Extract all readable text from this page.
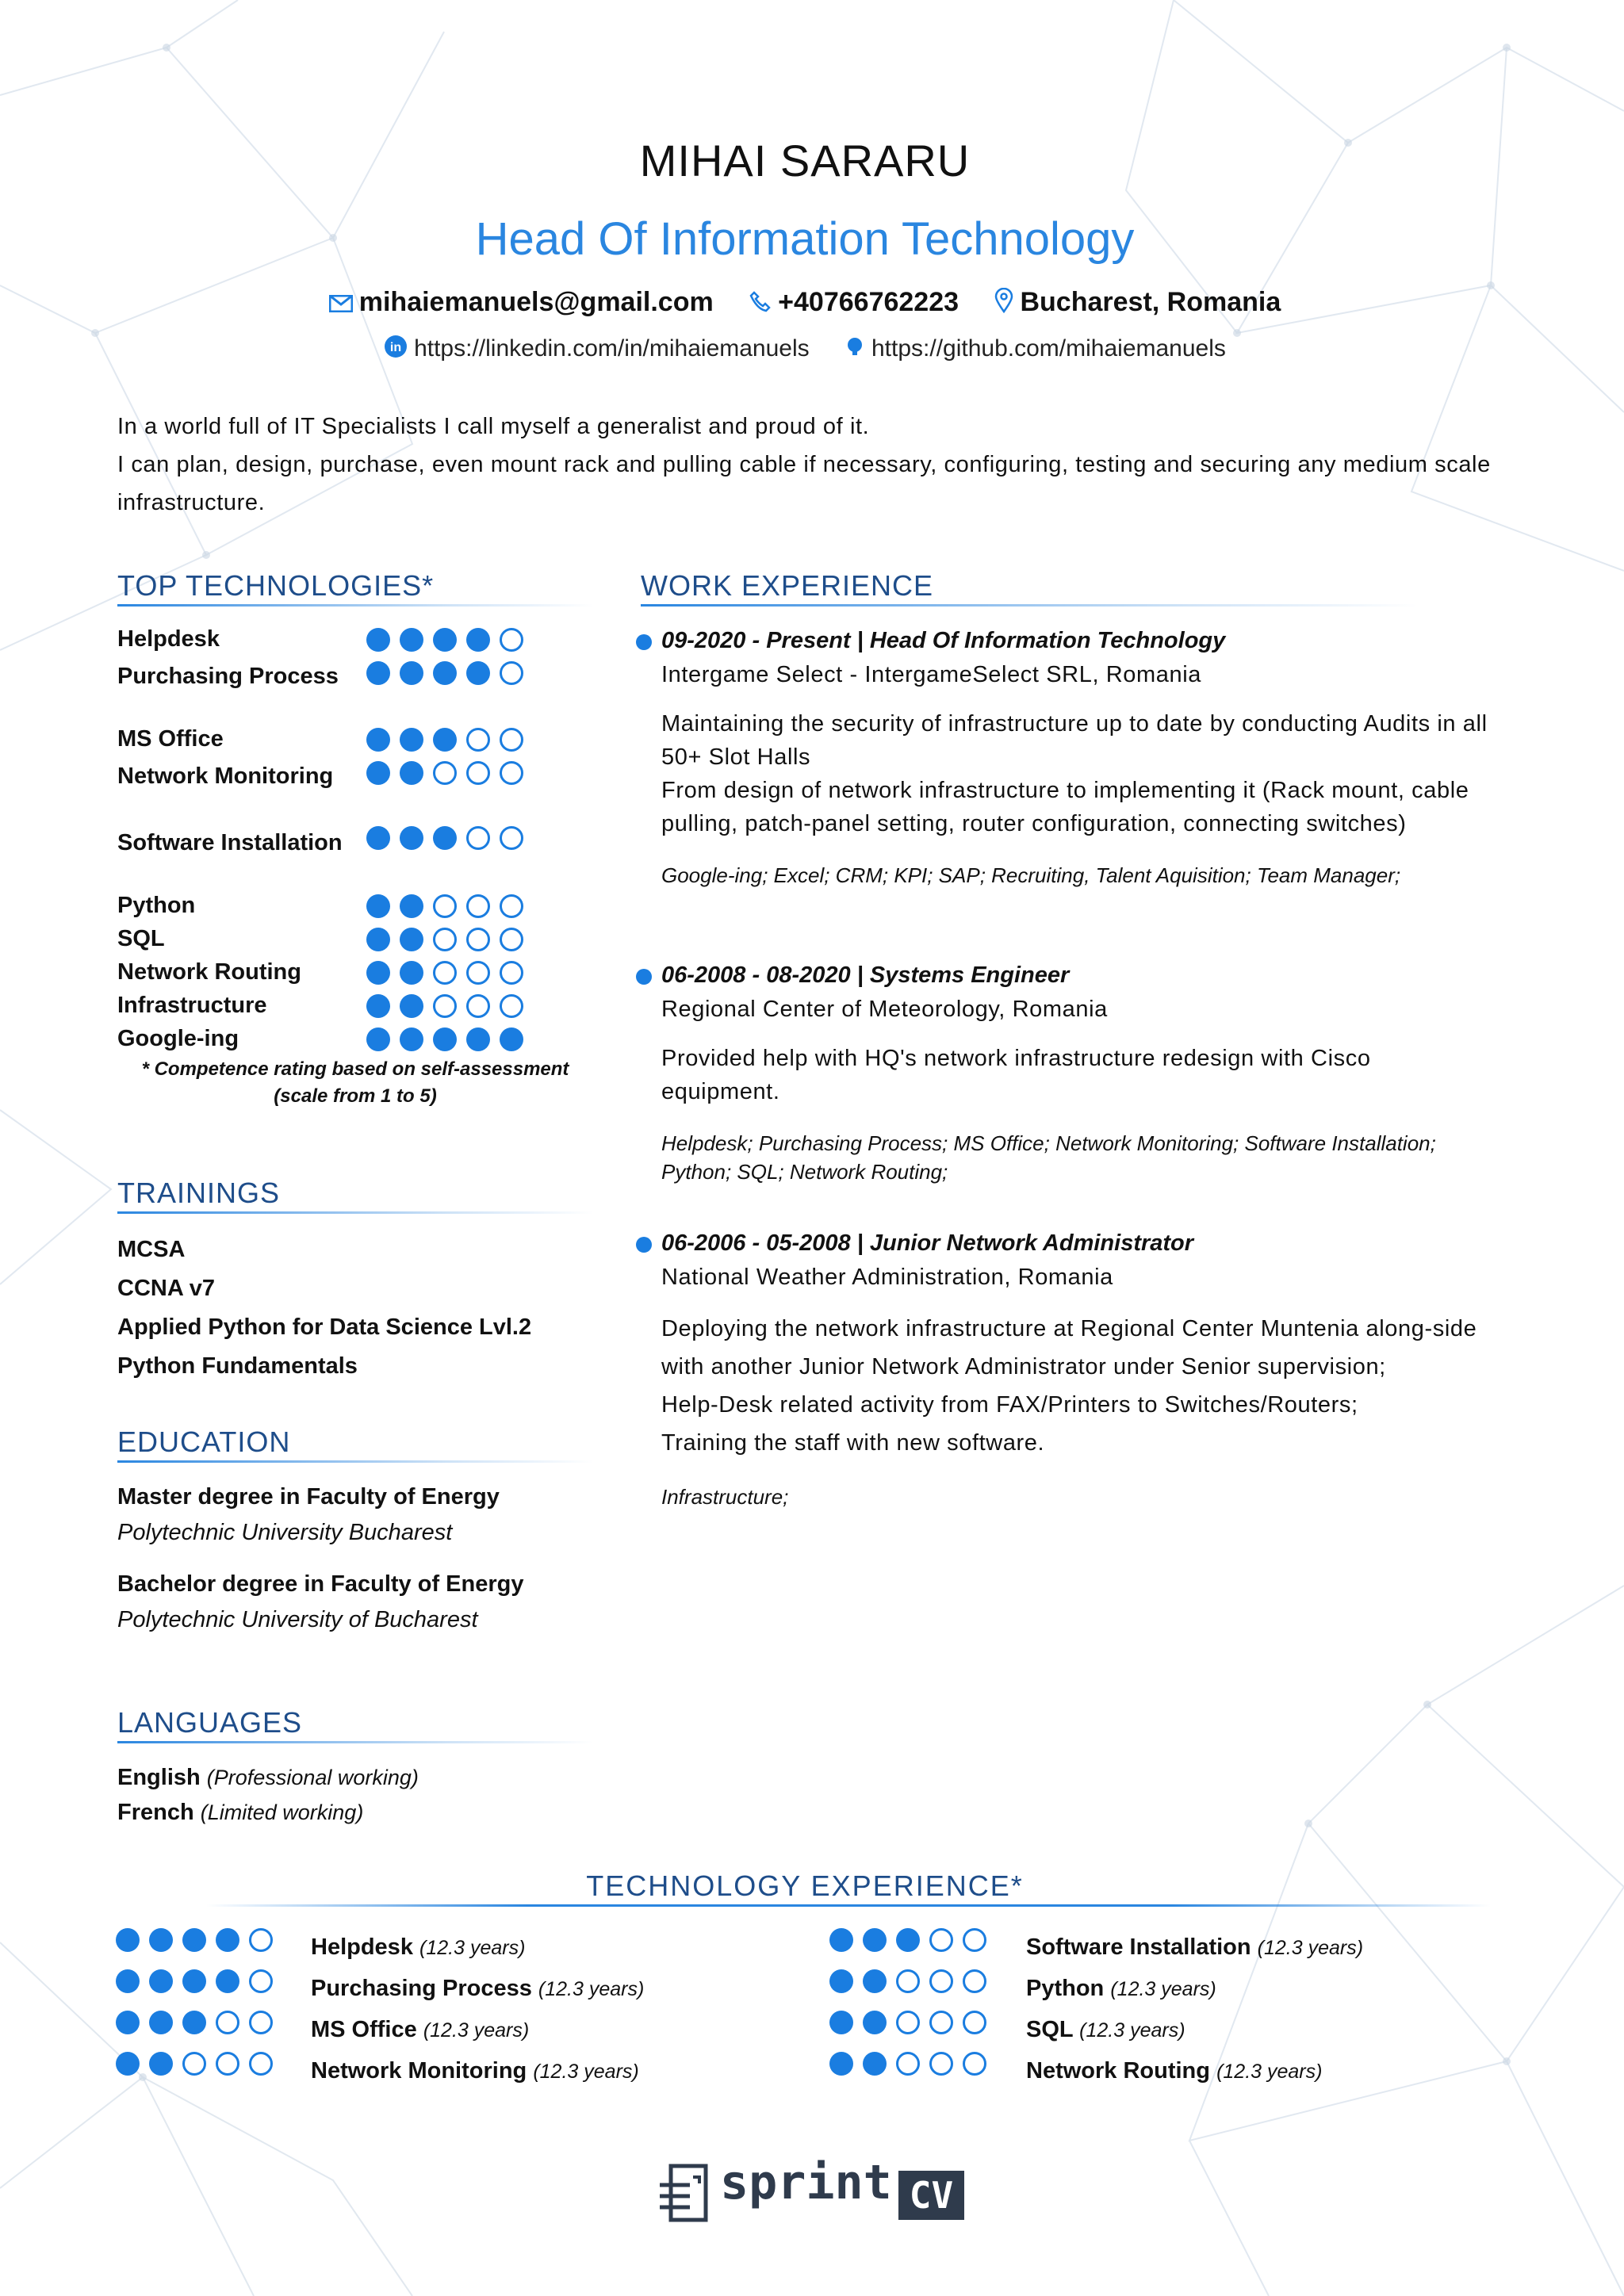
MIHAI SARARU
Head Of Information Technology
mihaiemanuels@gmail.com +40766762223 Bucharest, Romania
in https://linkedin.com/in/mihaiemanuels	https://github.com/mihaiemanuels

In a world full of IT Specialists I call myself a generalist and proud of it.

I can plan, design, purchase, even mount rack and pulling cable if necessary, configuring, testing and securing any medium scale infrastructure.

TOP TECHNOLOGIES*
Helpdesk
Purchasing Process
MS Office
Network Monitoring
Software Installation
Python
SQL
Network Routing
Infrastructure
Google-ing
* Competence rating based on self-assessment
(scale from 1 to 5)
TRAININGS
MCSA
CCNA v7
Applied Python for Data Science Lvl.2
Python Fundamentals
EDUCATION
Master degree in Faculty of Energy
Polytechnic University Bucharest
Bachelor degree in Faculty of Energy
Polytechnic University of Bucharest
LANGUAGES
English (Professional working)
French (Limited working)
WORK EXPERIENCE
09-2020 - Present | Head Of Information Technology
Intergame Select - IntergameSelect SRL, Romania

Maintaining the security of infrastructure up to date by conducting Audits in all 50+ Slot Halls

From design of network infrastructure to implementing it (Rack mount, cable pulling, patch-panel setting, router configuration, connecting switches)

Google-ing; Excel; CRM; KPI; SAP; Recruiting, Talent Aquisition; Team Manager;
06-2008 - 08-2020 | Systems Engineer
Regional Center of Meteorology, Romania

Provided help with HQ's network infrastructure redesign with Cisco equipment.

Helpdesk; Purchasing Process; MS Office; Network Monitoring; Software Installation; Python; SQL; Network Routing;
06-2006 - 05-2008 | Junior Network Administrator
National Weather Administration, Romania

Deploying the network infrastructure at Regional Center Muntenia along-side with another Junior Network Administrator under Senior supervision;

Help-Desk related activity from FAX/Printers to Switches/Routers;

Training the staff with new software.

Infrastructure;
TECHNOLOGY EXPERIENCE*
Helpdesk (12.3 years)
Purchasing Process (12.3 years)
MS Office (12.3 years)
Network Monitoring (12.3 years)
Software Installation (12.3 years)
Python (12.3 years)
SQL (12.3 years)
Network Routing (12.3 years)
sprint CV
